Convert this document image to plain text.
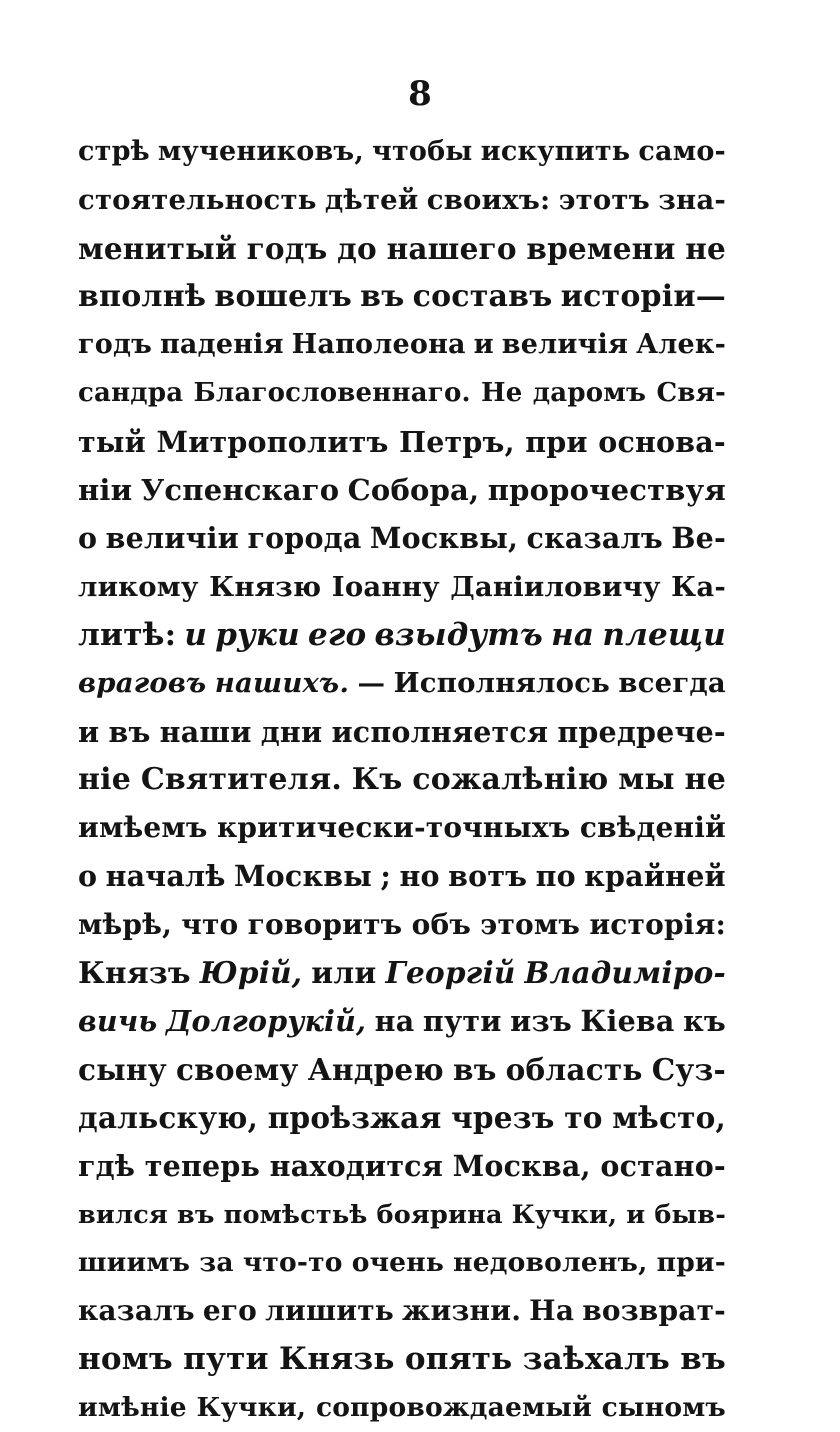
8
стрѣ мучениковъ, чтобы искупить само-
стоятельность дѣтей своихъ: этотъ зна-
менитый годъ до нашего времени не
вполнѣ вошелъ въ составъ исторіи—
годъ паденія Наполеона и величія Алек-
сандра Благословеннаго. Не даромъ Свя-
тый Митрополитъ Петръ, при основа-
ніи Успенскаго Собора, пророчествуя
о величіи города Москвы, сказалъ Ве-
ликому Князю Іоанну Даніиловичу Ка-
литѣ: и руки его взыдутъ на плещи
враговъ нашихъ. — Исполнялось всегда
и въ наши дни исполняется предрече-
ніе Святителя. Къ сожалѣнію мы не
имѣемъ критически-точныхъ свѣденій
о началѣ Москвы ; но вотъ по крайней
мѣрѣ, что говоритъ объ этомъ исторія:
Князъ Юрій, или Георгій Владиміро-
вичь Долгорукій, на пути изъ Кіева къ
сыну своему Андрею въ область Суз-
дальскую, проѣзжая чрезъ то мѣсто,
гдѣ тепepь находится Москва, остано-
вился въ помѣстьѣ боярина Кучки, и быв-
шиимъ за что-то очень недоволенъ, при-
казалъ его лишить жизни. На возврат-
номъ пути Князь опять заѣхалъ въ
имѣніе Кучки, сопровождаемый сыномъ
